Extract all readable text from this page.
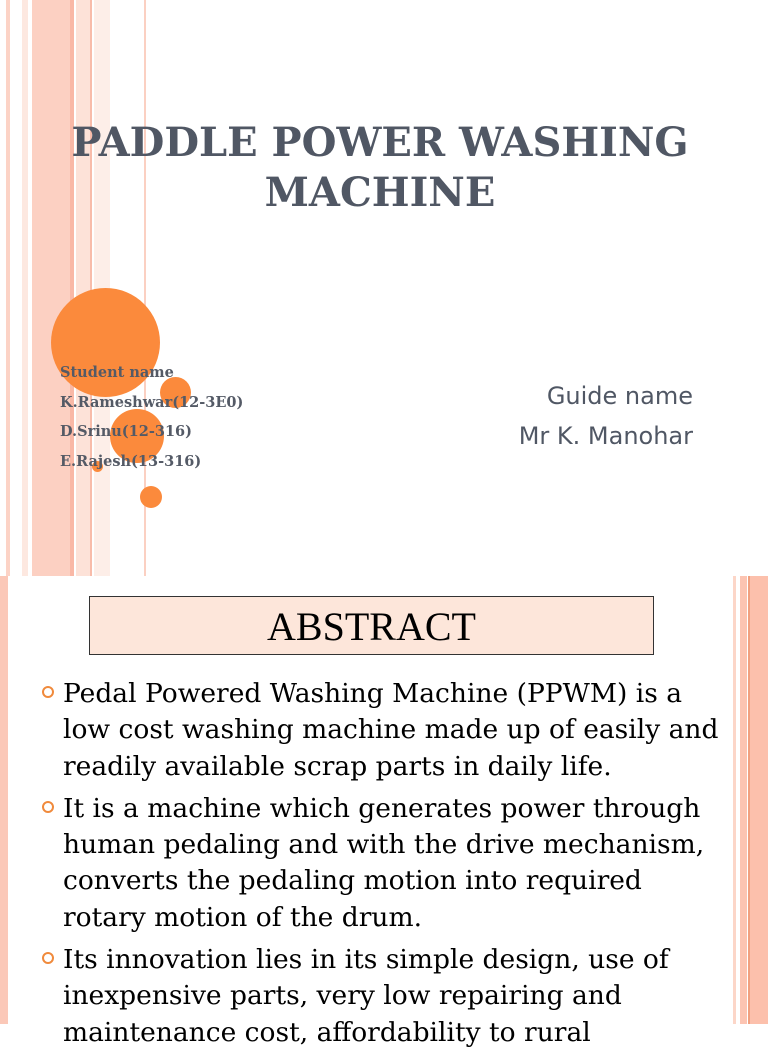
PADDLE POWER WASHING MACHINE
Student name
K.Rameshwar(12-3E0)
D.Srinu(12-316)
E.Rajesh(13-316)
Guide name
Mr K. Manohar
ABSTRACT
Pedal Powered Washing Machine (PPWM) is a low cost washing machine made up of easily and readily available scrap parts in daily life.
It is a machine which generates power through human pedaling and with the drive mechanism, converts the pedaling motion into required rotary motion of the drum.
Its innovation lies in its simple design, use of inexpensive parts, very low repairing and maintenance cost, affordability to rural
